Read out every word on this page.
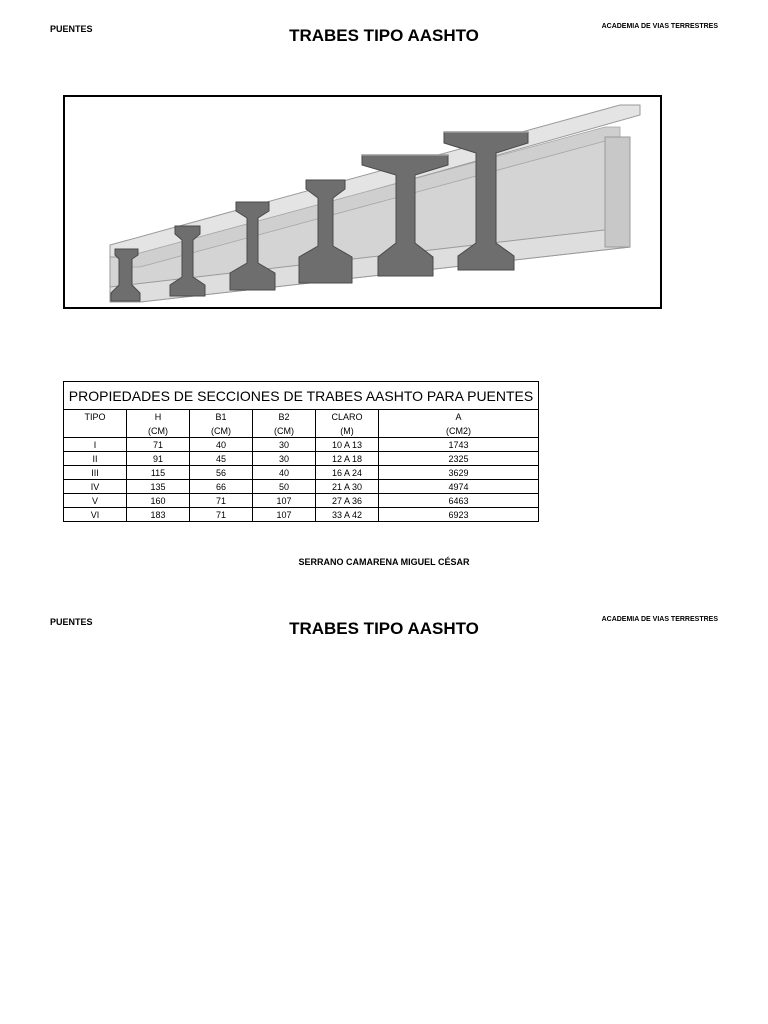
PUENTES	TRABES TIPO AASHTO	ACADEMIA DE VIAS TERRESTRES
PROPIEDADES DE SECCIONES DE TRABES AASHTO PARA PUENTES					
TIPO	H	B1	B2	CLARO	A
	(CM)	(CM)	(CM)	(M)	(CM2)
I	71	40	30	10 A 13	1743
II	91	45	30	12 A 18	2325
III	115	56	40	16 A 24	3629
IV	135	66	50	21 A 30	4974
V	160	71	107	27 A 36	6463
VI	183	71	107	33 A 42	6923
SERRANO CAMARENA MIGUEL CÉSAR
PUENTES	TRABES TIPO AASHTO	ACADEMIA DE VIAS TERRESTRES
